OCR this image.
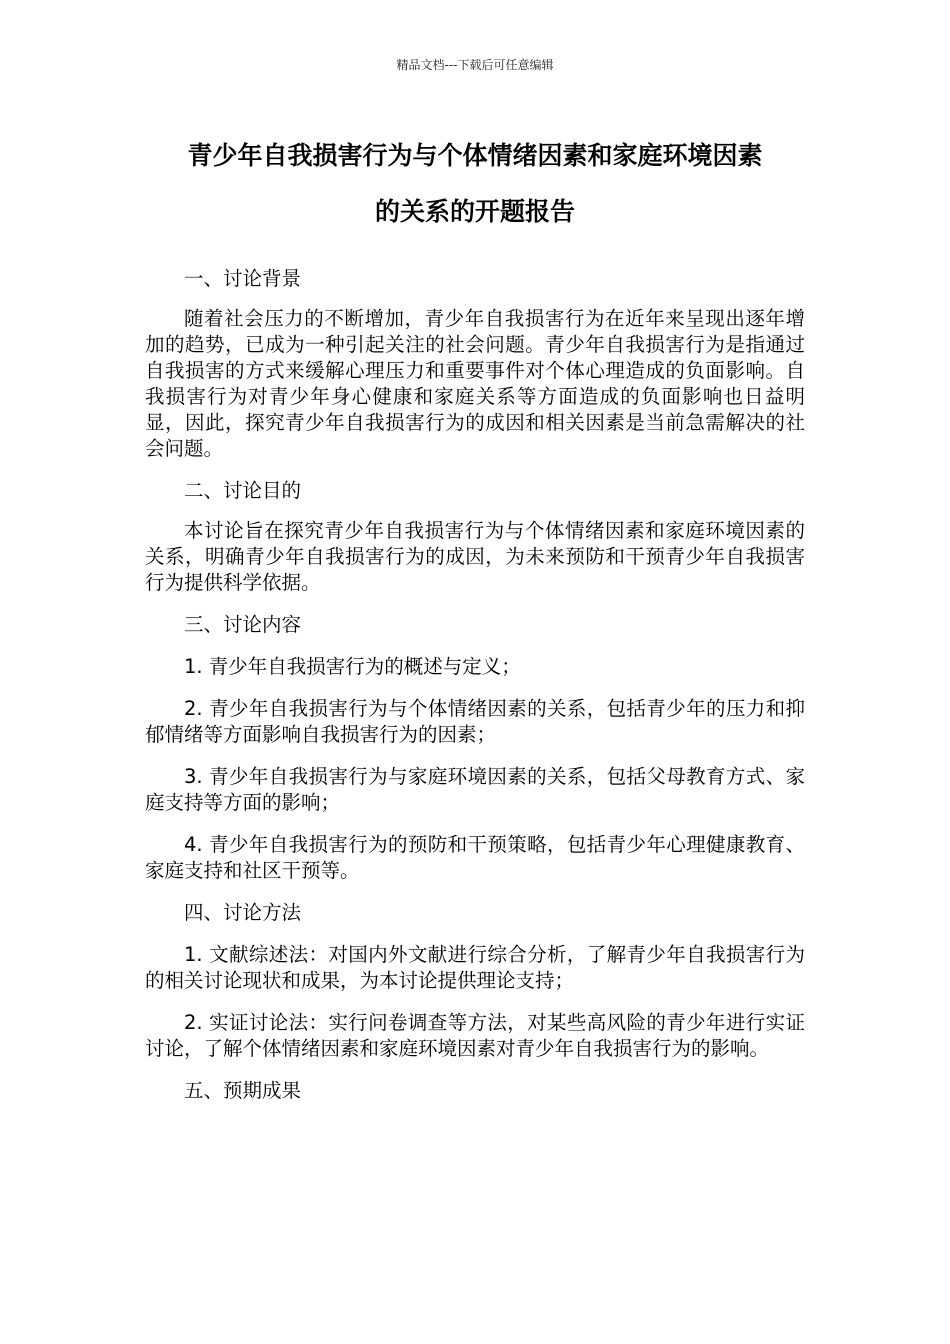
精品文档---下载后可任意编辑
青少年自我损害行为与个体情绪因素和家庭环境因素
的关系的开题报告

一、讨论背景

随着社会压力的不断增加，青少年自我损害行为在近年来呈现出逐年增加的趋势，已成为一种引起关注的社会问题。青少年自我损害行为是指通过自我损害的方式来缓解心理压力和重要事件对个体心理造成的负面影响。自我损害行为对青少年身心健康和家庭关系等方面造成的负面影响也日益明显，因此，探究青少年自我损害行为的成因和相关因素是当前急需解决的社会问题。

二、讨论目的

本讨论旨在探究青少年自我损害行为与个体情绪因素和家庭环境因素的关系，明确青少年自我损害行为的成因，为未来预防和干预青少年自我损害行为提供科学依据。

三、讨论内容

1. 青少年自我损害行为的概述与定义；

2. 青少年自我损害行为与个体情绪因素的关系，包括青少年的压力和抑郁情绪等方面影响自我损害行为的因素；

3. 青少年自我损害行为与家庭环境因素的关系，包括父母教育方式、家庭支持等方面的影响；

4. 青少年自我损害行为的预防和干预策略，包括青少年心理健康教育、家庭支持和社区干预等。

四、讨论方法

1. 文献综述法：对国内外文献进行综合分析，了解青少年自我损害行为的相关讨论现状和成果，为本讨论提供理论支持；

2. 实证讨论法：实行问卷调查等方法，对某些高风险的青少年进行实证讨论，了解个体情绪因素和家庭环境因素对青少年自我损害行为的影响。

五、预期成果
